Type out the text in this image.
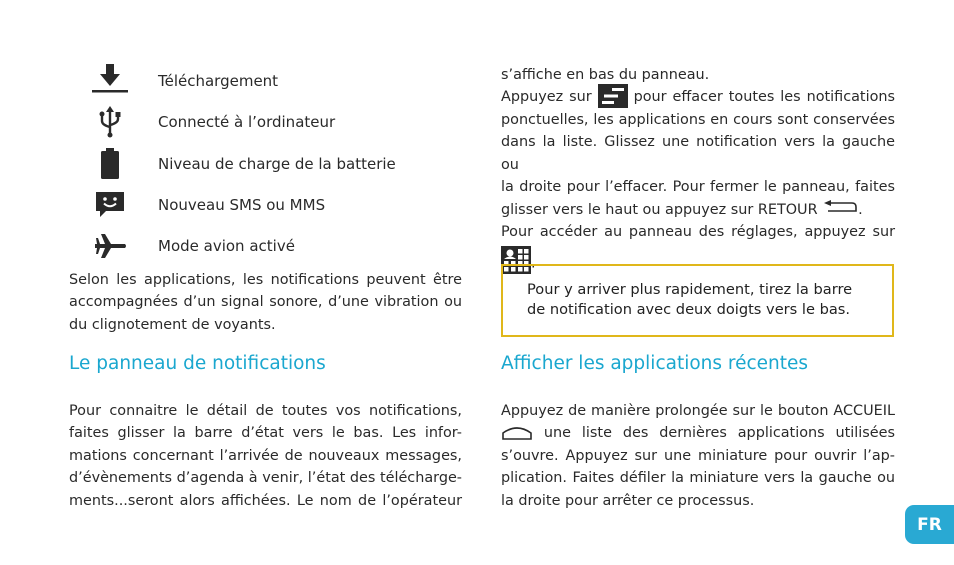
Téléchargement
Connecté à l’ordinateur
Niveau de charge de la batterie
Nouveau SMS ou MMS
Mode avion activé
Selon les applications, les notifications peuvent être
accompagnées d’un signal sonore, d’une vibration ou
du clignotement de voyants.
Le panneau de notifications
Pour connaitre le détail de toutes vos notifications,
faites glisser la barre d’état vers le bas. Les infor-
mations concernant l’arrivée de nouveaux messages,
d’évènements d’agenda à venir, l’état des télécharge-
ments...seront alors affichées. Le nom de l’opérateur
s’affiche en bas du panneau.
Appuyez sur	pour effacer toutes les notifications
ponctuelles, les applications en cours sont conservées
dans la liste. Glissez une notification vers la gauche ou
la droite pour l’effacer. Pour fermer le panneau, faites
glisser vers le haut ou appuyez sur RETOUR	.
Pour accéder au panneau des réglages, appuyez sur
.
Pour y arriver plus rapidement, tirez la barre
de notification avec deux doigts vers le bas.
Afficher les applications récentes
Appuyez de manière prolongée sur le bouton ACCUEIL
une liste des dernières applications utilisées
s’ouvre. Appuyez sur une miniature pour ouvrir l’ap-
plication. Faites défiler la miniature vers la gauche ou
la droite pour arrêter ce processus.
FR
